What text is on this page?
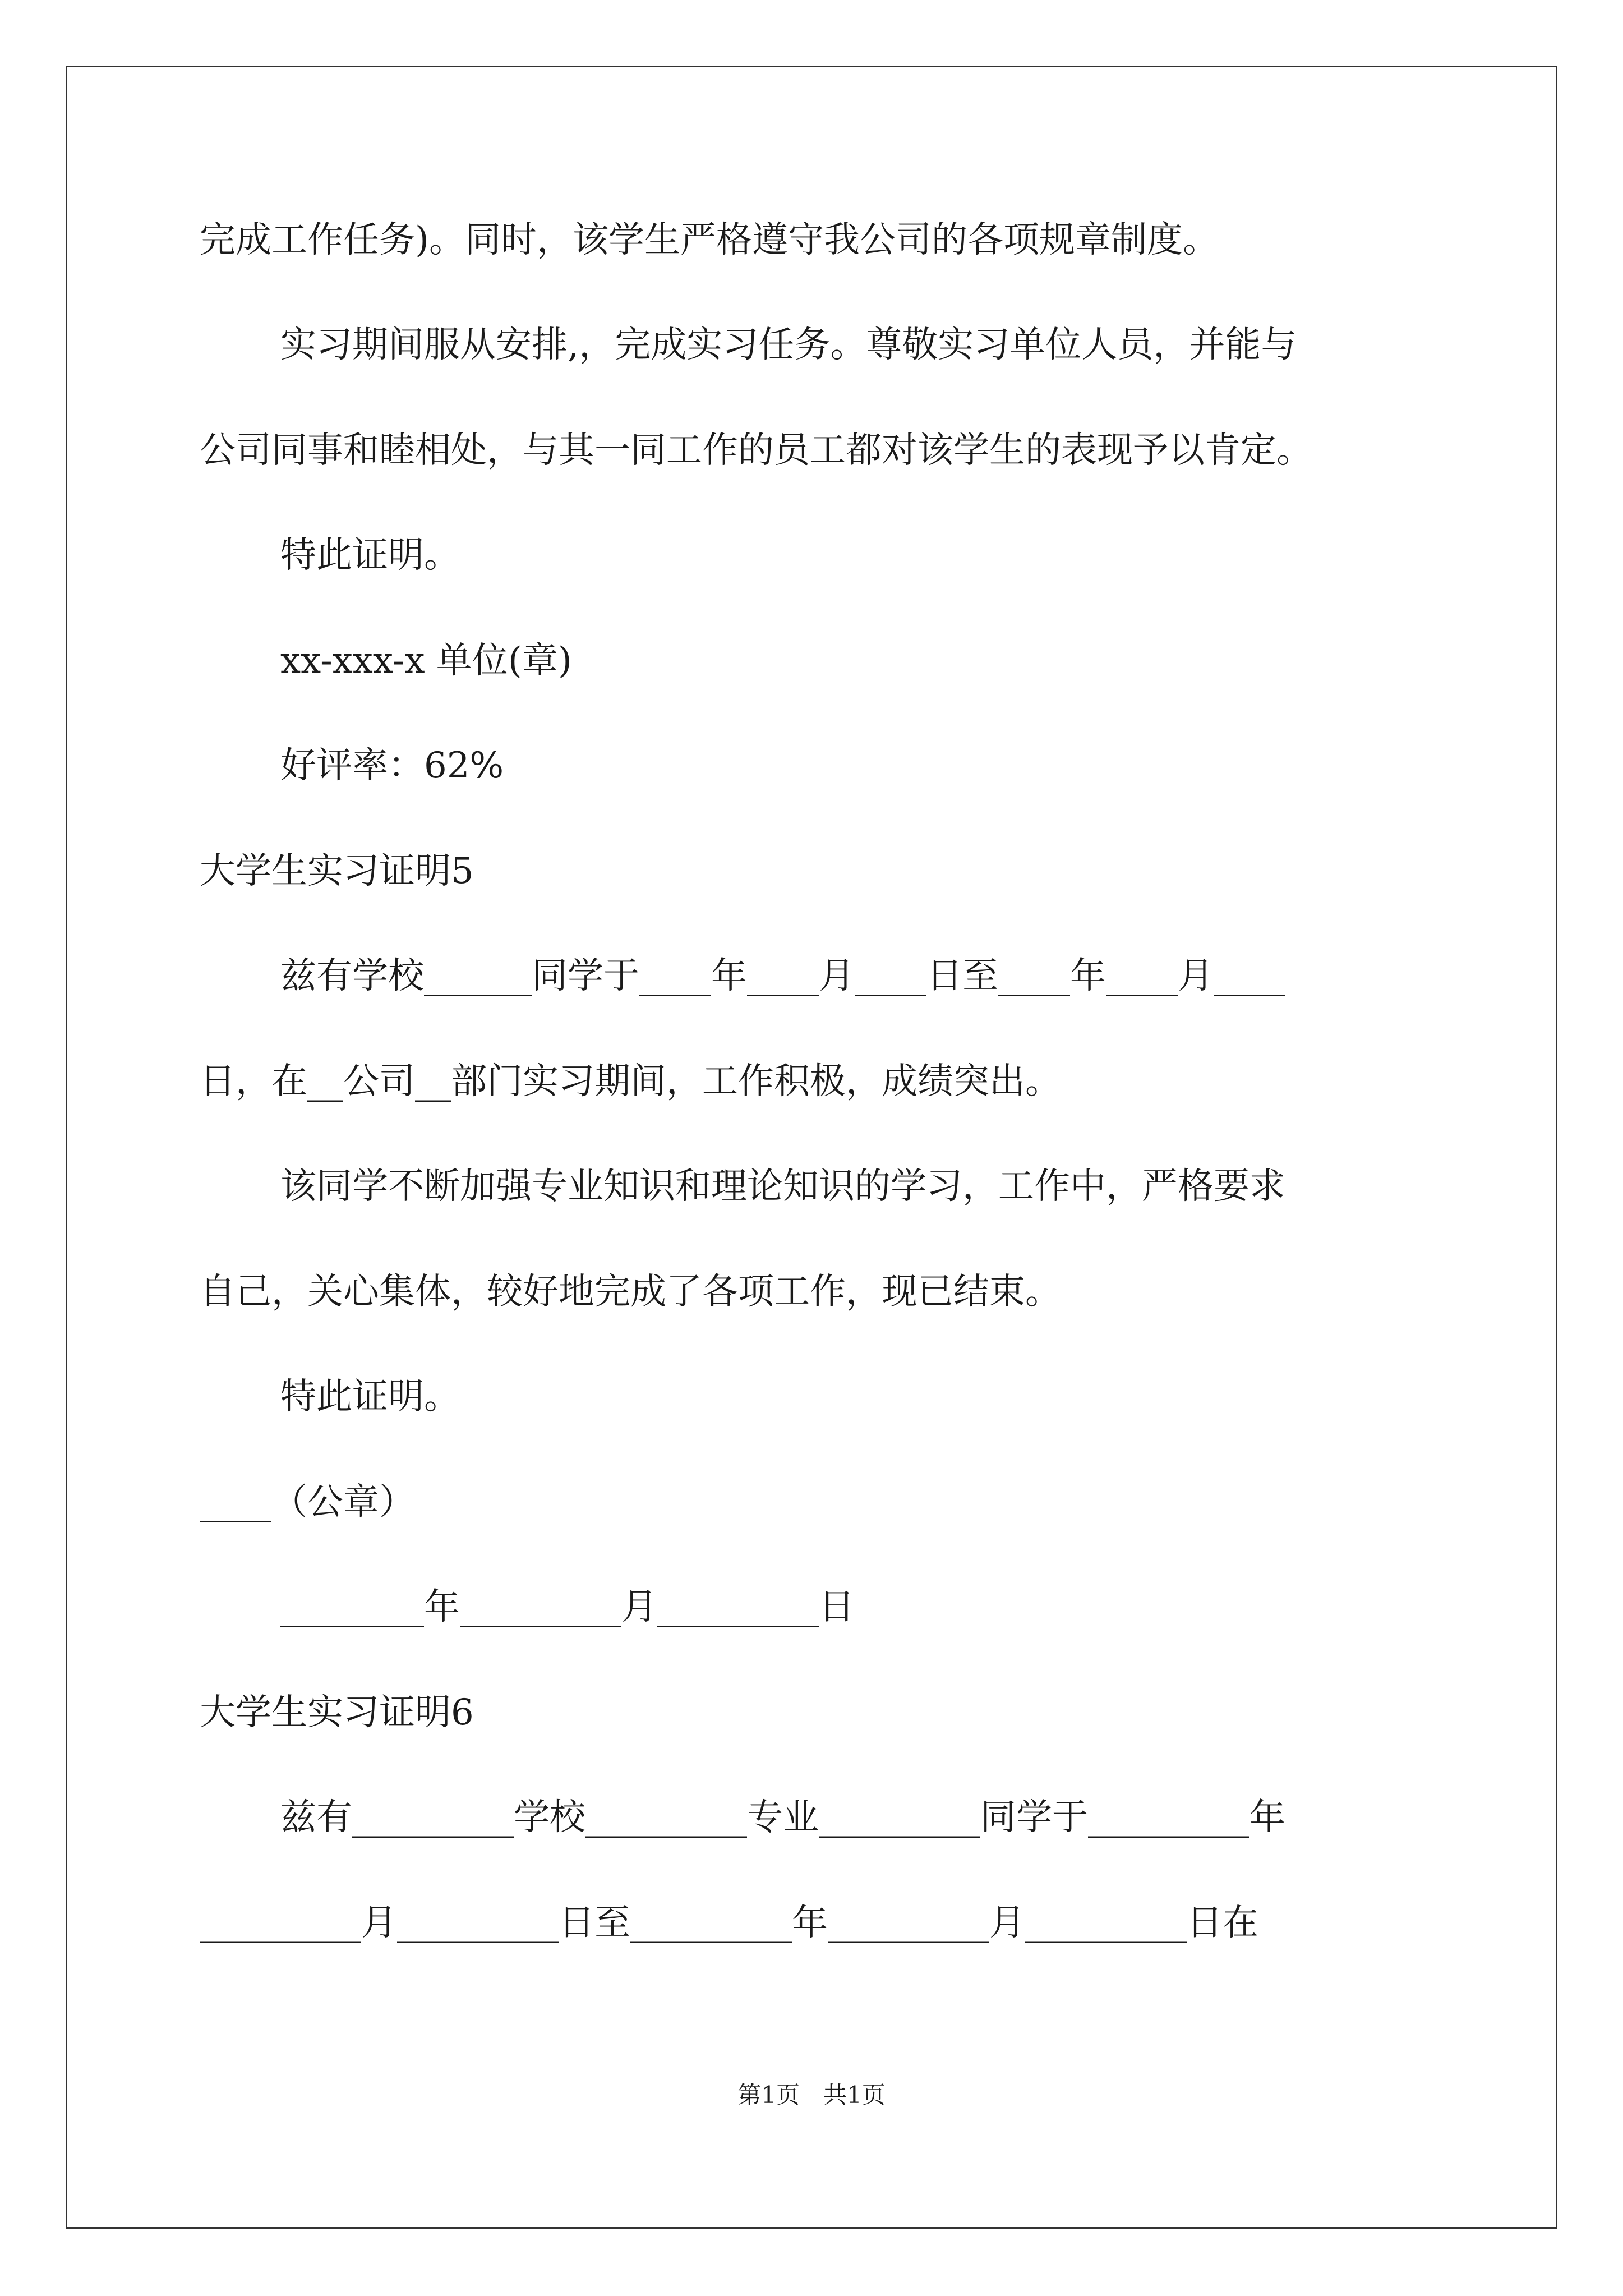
完成工作任务)。同时，该学生严格遵守我公司的各项规章制度。
实习期间服从安排,，完成实习任务。尊敬实习单位人员，并能与
公司同事和睦相处，与其一同工作的员工都对该学生的表现予以肯定。
特此证明。
xx-xxx-x 单位(章)
好评率：62%
大学生实习证明5
兹有学校______同学于____年____月____日至____年____月____
日，在__公司__部门实习期间，工作积极，成绩突出。
该同学不断加强专业知识和理论知识的学习，工作中，严格要求
自己，关心集体，较好地完成了各项工作，现已结束。
特此证明。
____（公章）
________年_________月_________日
大学生实习证明6
兹有_________学校_________专业_________同学于_________年
_________月_________日至_________年_________月_________日在
第1页　共1页
